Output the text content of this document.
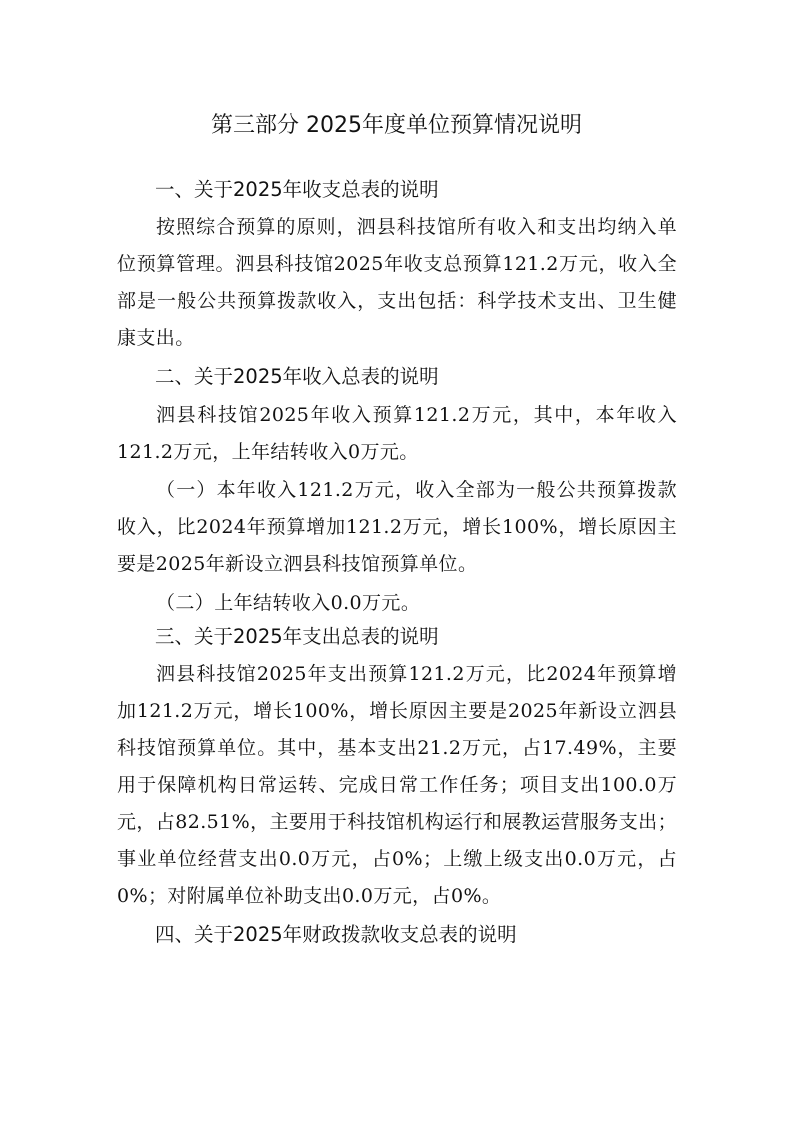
第三部分 2025年度单位预算情况说明
一、关于2025年收支总表的说明
按照综合预算的原则，泗县科技馆所有收入和支出均纳入单位预算管理。泗县科技馆2025年收支总预算121.2万元，收入全部是一般公共预算拨款收入，支出包括：科学技术支出、卫生健康支出。
二、关于2025年收入总表的说明
泗县科技馆2025年收入预算121.2万元，其中，本年收入121.2万元，上年结转收入0万元。
（一）本年收入121.2万元，收入全部为一般公共预算拨款收入，比2024年预算增加121.2万元，增长100%，增长原因主要是2025年新设立泗县科技馆预算单位。
（二）上年结转收入0.0万元。
三、关于2025年支出总表的说明
泗县科技馆2025年支出预算121.2万元，比2024年预算增加121.2万元，增长100%，增长原因主要是2025年新设立泗县科技馆预算单位。其中，基本支出21.2万元，占17.49%，主要用于保障机构日常运转、完成日常工作任务；项目支出100.0万元，占82.51%，主要用于科技馆机构运行和展教运营服务支出；事业单位经营支出0.0万元，占0%；上缴上级支出0.0万元，占0%；对附属单位补助支出0.0万元，占0%。
四、关于2025年财政拨款收支总表的说明
